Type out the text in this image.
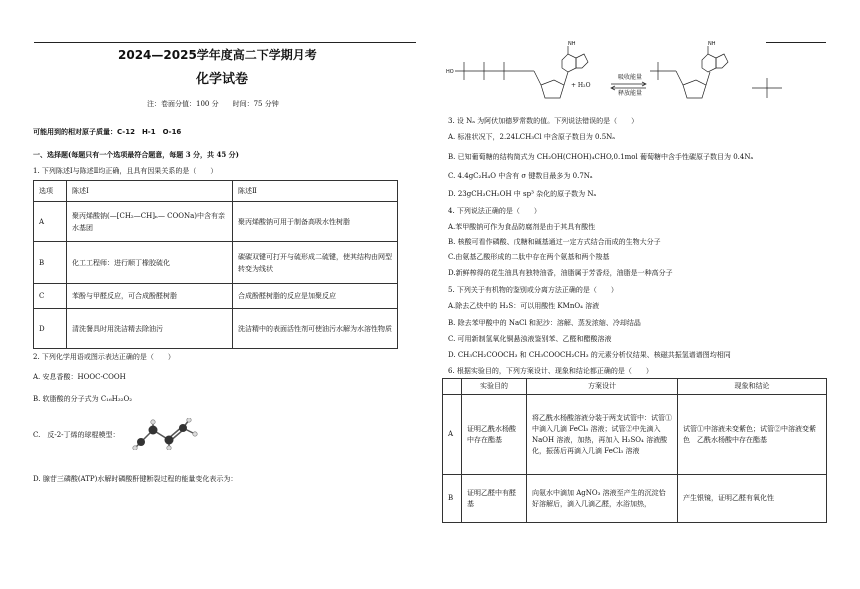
2024—2025学年度高二下学期月考
化学试卷
注：卷面分值：100 分　　时间：75 分钟
可能用到的相对原子质量：C-12　H-1　O-16
一、选择题(每题只有一个选项最符合题意，每题 3 分，共 45 分)
1. 下列陈述Ⅰ与陈述Ⅱ均正确，且具有因果关系的是（　　）
选项	陈述Ⅰ	陈述Ⅱ
A	聚丙烯酸钠(—[CH₂—CH]ₙ— COONa)中含有亲水基团	聚丙烯酸钠可用于制备高吸水性树脂
B	化工工程师：进行顺丁橡胶硫化	碳碳双键可打开与硫形成二硫键，使其结构由网型转变为线状
C	苯酚与甲醛反应，可合成酚醛树脂	合成酚醛树脂的反应是加聚反应
D	清洗餐具时用洗洁精去除油污	洗洁精中的表面活性剂可使油污水解为水溶性物质
2. 下列化学用语或图示表达正确的是（　　）
A. 安息香酸：HOOC-COOH
B. 软脂酸的分子式为 C₁₆H₃₂O₂
C.　反-2-丁烯的球棍模型：
D. 腺苷三磷酸(ATP)水解时磷酸酐键断裂过程的能量变化表示为：
HO
NH	NH
+ H₂O
吸收能量
释放能量
3. 设 Nₐ 为阿伏加德罗常数的值。下列说法错误的是（　　）
A. 标准状况下，2.24LCH₃Cl 中含原子数目为 0.5Nₐ
B. 已知葡萄糖的结构简式为 CH₂OH(CHOH)₄CHO,0.1mol 葡萄糖中含手性碳原子数目为 0.4Nₐ
C. 4.4gC₂H₄O 中含有 σ 键数目最多为 0.7Nₐ
D. 23gCH₃CH₂OH 中 sp³ 杂化的原子数为 Nₐ
4. 下列说法正确的是（　　）
A.苯甲酸钠可作为食品防腐剂是由于其具有酸性
B. 核酸可看作磷酸、戊糖和碱基通过一定方式结合而成的生物大分子
C.由氨基乙酸形成的二肽中存在两个氨基和两个羧基
D.新鲜榨得的花生油具有独特油香，油脂属于芳香烃，油脂是一种高分子
5. 下列关于有机物的鉴别或分离方法正确的是（　　）
A.除去乙炔中的 H₂S：可以用酸性 KMnO₄ 溶液
B. 除去苯甲酸中的 NaCl 和泥沙：溶解、蒸发浓缩、冷却结晶
C. 可用新制氢氧化铜悬浊液鉴别苯、乙醛和醋酸溶液
D. CH₃CH₂COOCH₃ 和 CH₃COOCH₂CH₃ 的元素分析仪结果、核磁共振氢谱谱图均相同
6. 根据实验目的，下列方案设计、现象和结论都正确的是（　　）
	实验目的	方案设计	现象和结论
A	证明乙酰水杨酸中存在酯基	将乙酰水杨酸溶液分装于两支试管中：试管①中滴入几滴 FeCl₃ 溶液；试管②中先滴入 NaOH 溶液，加热，再加入 H₂SO₄ 溶液酸化，振荡后再滴入几滴 FeCl₃ 溶液	试管①中溶液未变紫色；试管②中溶液变紫色　乙酰水杨酸中存在酯基
B	证明乙醛中有醛基	向氨水中滴加 AgNO₃ 溶液至产生的沉淀恰好溶解后，滴入几滴乙醛，水浴加热，	产生银镜，证明乙醛有氧化性
